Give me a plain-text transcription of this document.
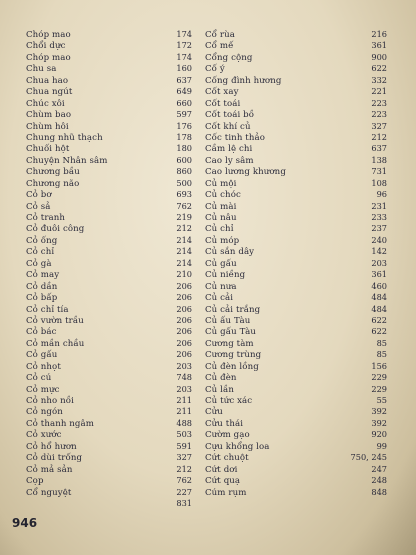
Chóp mao	174
Chổi dực	172
Chóp mao	174
Chu sa	160
Chua hao	637
Chua ngút	649
Chúc xôi	660
Chùm bao	597
Chùm hôi	176
Chung nhũ thạch	178
Chuối hột	180
Chuyện Nhân sâm	600
Chương bầu	860
Chương não	500
Cỏ bơ	693
Cỏ sả	762
Cỏ tranh	219
Cỏ đuôi công	212
Cỏ ống	214
Cỏ chỉ	214
Cỏ gà	214
Cỏ may	210
Cỏ dần	206
Cỏ bấp	206
Cỏ chỉ tía	206
Cỏ vườn trầu	206
Cỏ bác	206
Cỏ mần chầu	206
Cỏ gấu	206
Cỏ nhọt	203
Cỏ cú	748
Cỏ mực	203
Cỏ nho nồi	211
Cỏ ngón	211
Cỏ thanh ngâm	488
Cỏ xước	503
Cỏ hổ hươn	591
Cỏ dùi trống	327
Cỏ mả sản	212
Cọp	762
Cổ nguyệt	227
831
Cổ rùa	216
Cổ mế	361
Cổng cộng	900
Cố ý	622
Cống đình hương	332
Cốt xay	221
Cốt toái	223
Cốt toái bồ	223
Cốt khí củ	327
Cốc tinh thảo	212
Cầm lệ chi	637
Cao ly sâm	138
Cao lương khương	731
Củ mội	108
Củ chóc	96
Củ mài	231
Củ nâu	233
Củ chỉ	237
Củ móp	240
Củ sắn dây	142
Củ gấu	203
Củ niềng	361
Củ nưa	460
Củ cải	484
Củ cải trắng	484
Củ ấu Tàu	622
Củ gấu Tàu	622
Cương tàm	85
Cương trùng	85
Củ đèn lồng	156
Củ đèn	229
Củ lần	229
Củ tức xác	55
Cửu	392
Cửu thái	392
Cườm gạo	920
Cựu khổng loa	99
Cứt chuột	750, 245
Cứt dơi	247
Cứt quạ	248
Cúm rụm	848
946
